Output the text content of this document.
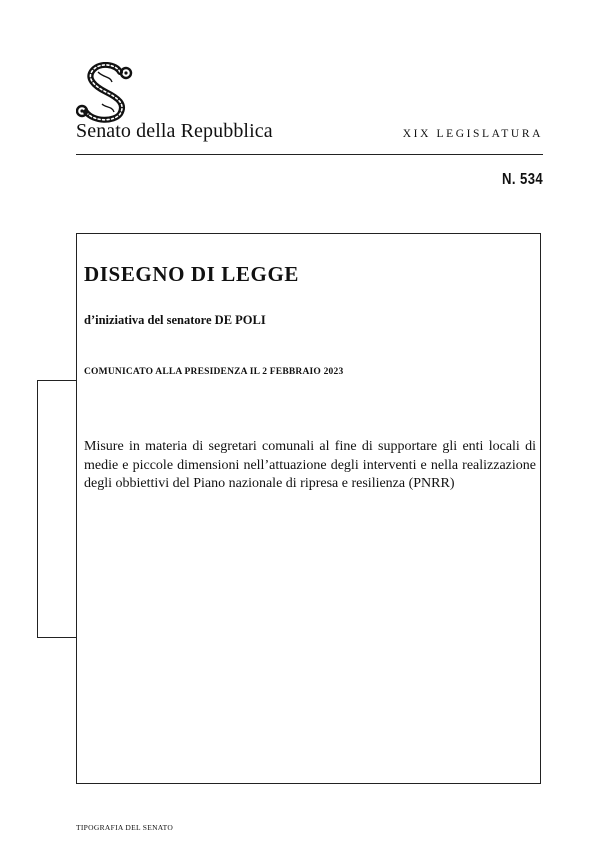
Senato della Repubblica	XIX LEGISLATURA
N. 534
DISEGNO DI LEGGE
d’iniziativa del senatore DE POLI
COMUNICATO ALLA PRESIDENZA IL 2 FEBBRAIO 2023
Misure in materia di segretari comunali al fine di supportare gli enti locali di medie e piccole dimensioni nell’attuazione degli interventi e nella realizzazione degli obbiettivi del Piano nazionale di ripresa e resilienza (PNRR)
TIPOGRAFIA DEL SENATO
